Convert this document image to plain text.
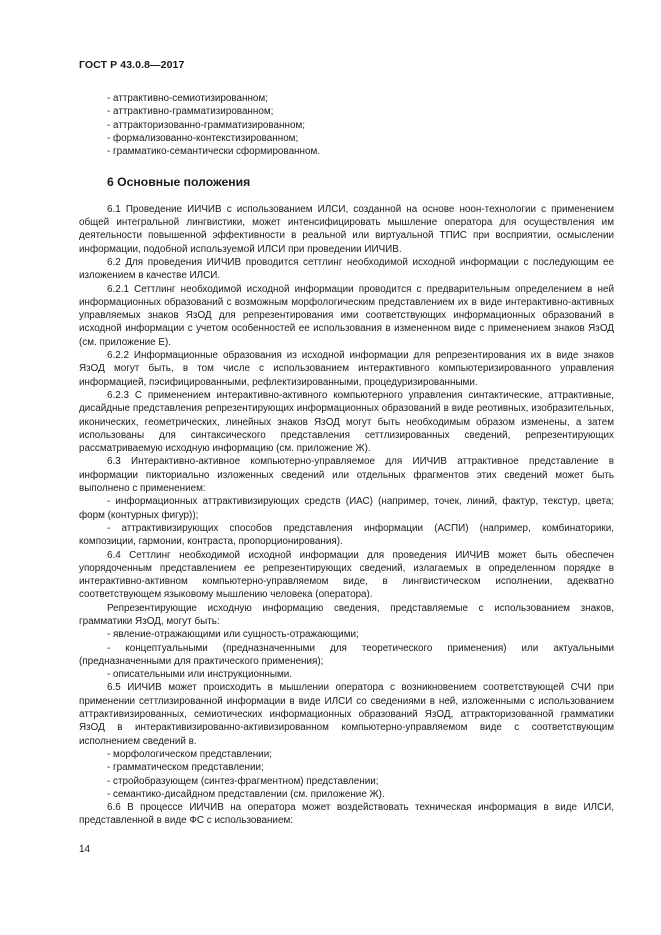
ГОСТ Р 43.0.8—2017
- аттрактивно-семиотизированном;
- аттрактивно-грамматизированном;
- аттракторизованно-грамматизированном;
- формализованно-контекстизированном;
- грамматико-семантически сформированном.
6 Основные положения
6.1 Проведение ИИЧИВ с использованием ИЛСИ, созданной на основе ноон-технологии с применением общей интегральной лингвистики, может интенсифицировать мышление оператора для осуществления им деятельности повышенной эффективности в реальной или виртуальной ТПИС при восприятии, осмыслении информации, подобной используемой ИЛСИ при проведении ИИЧИВ.
6.2 Для проведения ИИЧИВ проводится сеттлинг необходимой исходной информации с последующим ее изложением в качестве ИЛСИ.
6.2.1 Сеттлинг необходимой исходной информации проводится с предварительным определением в ней информационных образований с возможным морфологическим представлением их в виде интерактивно-активных управляемых знаков ЯзОД для репрезентирования ими соответствующих информационных образований в исходной информации с учетом особенностей ее использования в измененном виде с применением знаков ЯзОД (см. приложение Е).
6.2.2 Информационные образования из исходной информации для репрезентирования их в виде знаков ЯзОД могут быть, в том числе с использованием интерактивного компьютеризированного управления информацией, пэсифицированными, рефлектизированными, процедуризированными.
6.2.3 С применением интерактивно-активного компьютерного управления синтактические, аттрактивные, дисайдные представления репрезентирующих информационных образований в виде реотивных, изобразительных, иконических, геометрических, линейных знаков ЯзОД могут быть необходимым образом изменены, а затем использованы для синтаксического представления сеттлизированных сведений, репрезентирующих рассматриваемую исходную информацию (см. приложение Ж).
6.3 Интерактивно-активное компьютерно-управляемое для ИИЧИВ аттрактивное представление в информации пикториально изложенных сведений или отдельных фрагментов этих сведений может быть выполнено с применением:
- информационных аттрактивизирующих средств (ИАС) (например, точек, линий, фактур, текстур, цвета; форм (контурных фигур));
- аттрактивизирующих способов представления информации (АСПИ) (например, комбинаторики, композиции, гармонии, контраста, пропорционирования).
6.4 Сеттлинг необходимой исходной информации для проведения ИИЧИВ может быть обеспечен упорядоченным представлением ее репрезентирующих сведений, излагаемых в определенном порядке в интерактивно-активном компьютерно-управляемом виде, в лингвистическом исполнении, адекватно соответствующем языковому мышлению человека (оператора).
Репрезентирующие исходную информацию сведения, представляемые с использованием знаков, грамматики ЯзОД, могут быть:
- явление-отражающими или сущность-отражающими;
- концептуальными (предназначенными для теоретического применения) или актуальными (предназначенными для практического применения);
- описательными или инструкционными.
6.5 ИИЧИВ может происходить в мышлении оператора с возникновением соответствующей СЧИ при применении сеттлизированной информации в виде ИЛСИ со сведениями в ней, изложенными с использованием аттрактивизированных, семиотических информационных образований ЯзОД, аттракторизованной грамматики ЯзОД в интерактивизированно-активизированном компьютерно-управляемом виде с соответствующим исполнением сведений в.
- морфологическом представлении;
- грамматическом представлении;
- стройобразующем (синтез-фрагментном) представлении;
- семантико-дисайдном представлении (см. приложение Ж).
6.6 В процессе ИИЧИВ на оператора может воздействовать техническая информация в виде ИЛСИ, представленной в виде ФС с использованием:
14
